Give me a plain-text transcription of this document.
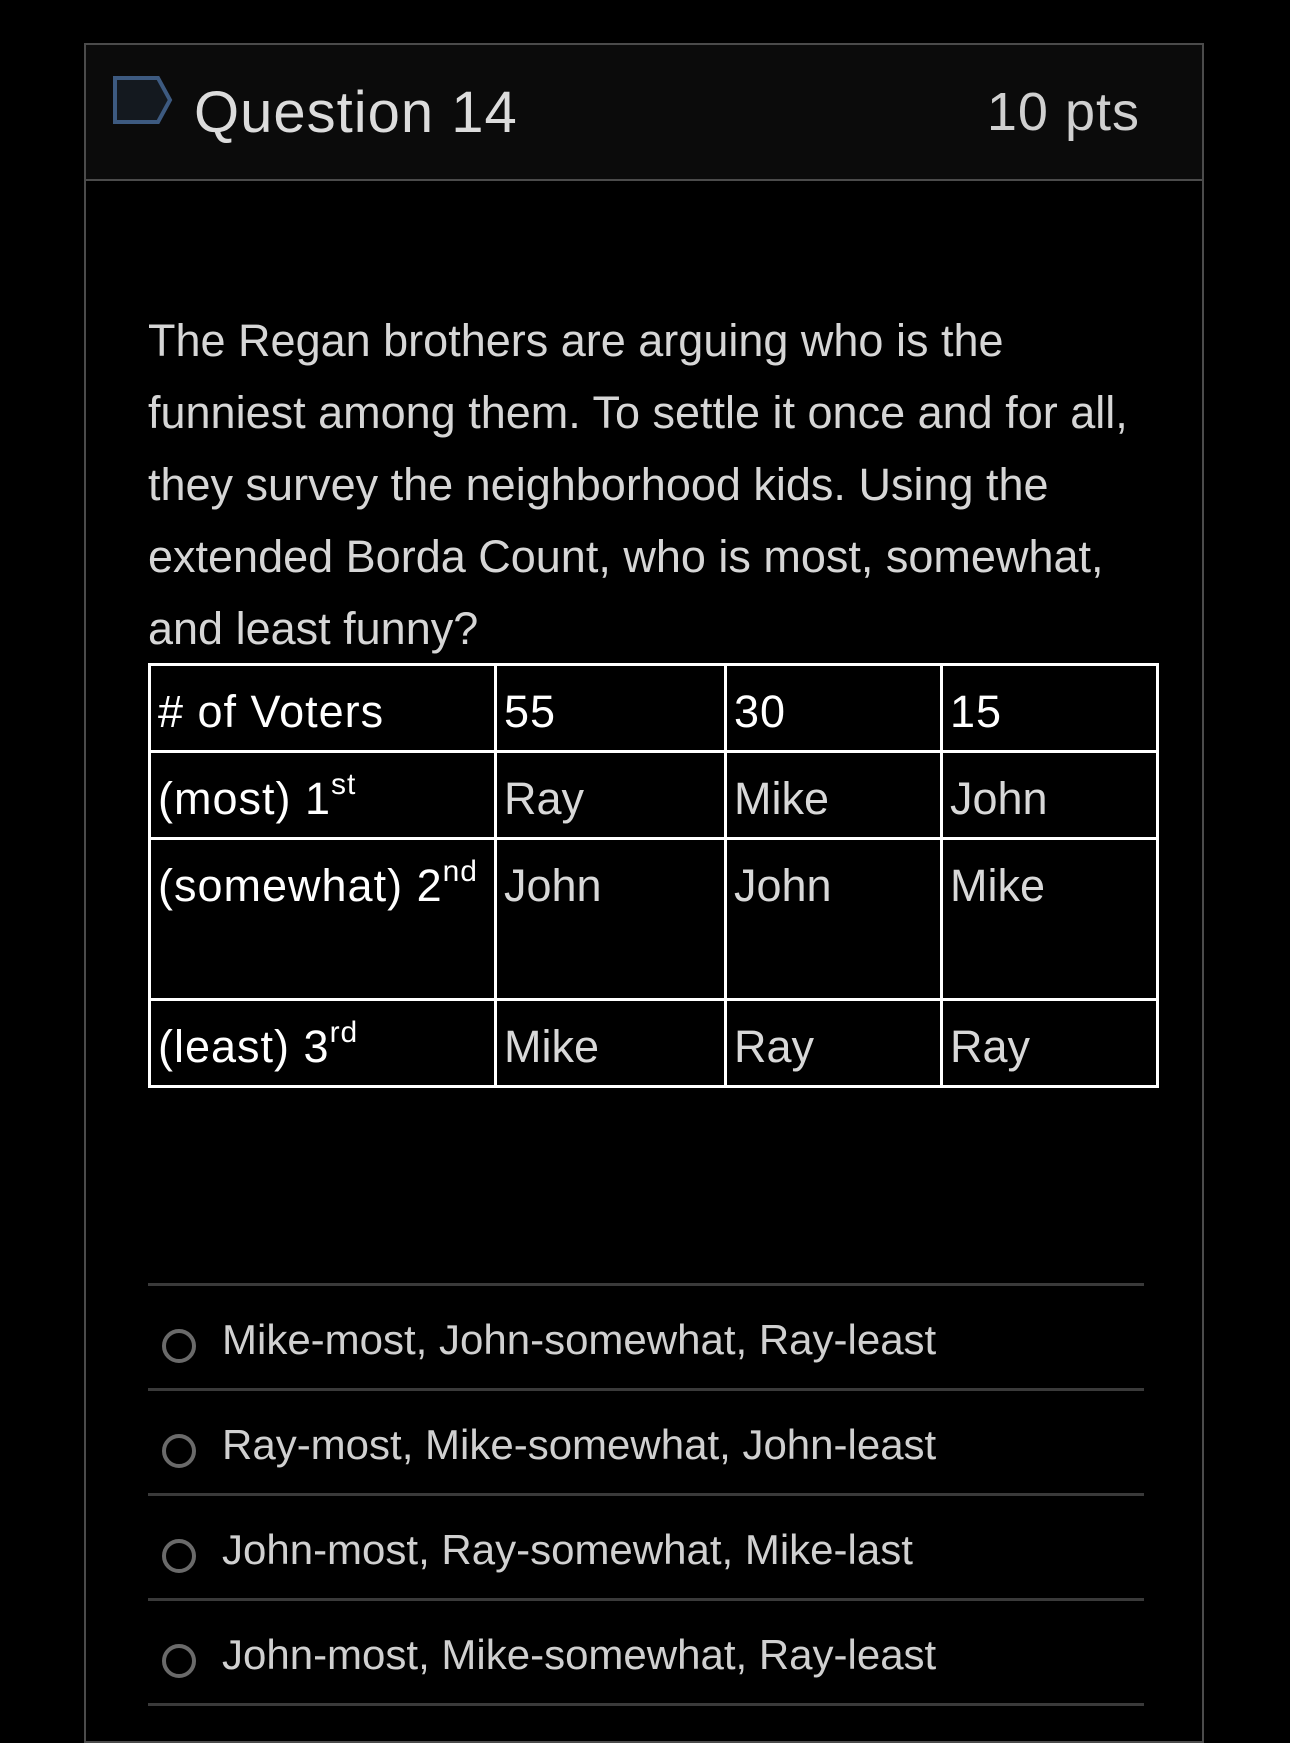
Question 14	10 pts

The Regan brothers are arguing who is the funniest among them. To settle it once and for all, they survey the neighborhood kids. Using the extended Borda Count, who is most, somewhat, and least funny?

# of Voters	55	30	15
(most) 1st	Ray	Mike	John
(somewhat) 2nd	John	John	Mike
(least) 3rd	Mike	Ray	Ray
Mike-most, John-somewhat, Ray-least
Ray-most, Mike-somewhat, John-least
John-most, Ray-somewhat, Mike-last
John-most, Mike-somewhat, Ray-least
